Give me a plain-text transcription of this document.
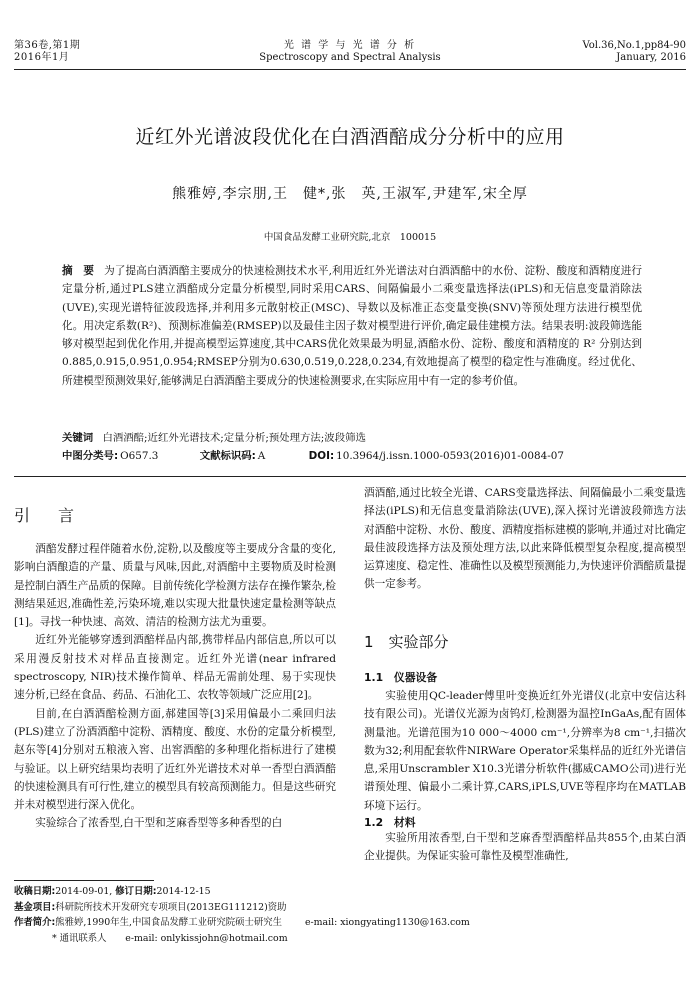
第36卷,第1期
2016年1月
光 谱 学 与 光 谱 分 析
Spectroscopy and Spectral Analysis
Vol.36,No.1,pp84-90
January, 2016
近红外光谱波段优化在白酒酒醅成分分析中的应用
熊雅婷,李宗朋,王　健*,张　英,王淑军,尹建军,宋全厚
中国食品发酵工业研究院,北京　100015
摘　要 为了提高白酒酒醅主要成分的快速检测技术水平,利用近红外光谱法对白酒酒醅中的水份、淀粉、酸度和酒精度进行定量分析,通过PLS建立酒醅成分定量分析模型,同时采用CARS、间隔偏最小二乘变量选择法(iPLS)和无信息变量消除法(UVE),实现光谱特征波段选择,并利用多元散射校正(MSC)、导数以及标准正态变量变换(SNV)等预处理方法进行模型优化。用决定系数(R²)、预测标准偏差(RMSEP)以及最佳主因子数对模型进行评价,确定最佳建模方法。结果表明:波段筛选能够对模型起到优化作用,并提高模型运算速度,其中CARS优化效果最为明显,酒醅水份、淀粉、酸度和酒精度的 R² 分别达到0.885,0.915,0.951,0.954;RMSEP分别为0.630,0.519,0.228,0.234,有效地提高了模型的稳定性与准确度。经过优化、所建模型预测效果好,能够满足白酒酒醅主要成分的快速检测要求,在实际应用中有一定的参考价值。
关键词 白酒酒醅;近红外光谱技术;定量分析;预处理方法;波段筛选
中图分类号: O657.3	文献标识码: A	DOI: 10.3964/j.issn.1000-0593(2016)01-0084-07
引　言

酒醅发酵过程伴随着水份,淀粉,以及酸度等主要成分含量的变化,影响白酒酿造的产量、质量与风味,因此,对酒醅中主要物质及时检测是控制白酒生产品质的保障。目前传统化学检测方法存在操作繁杂,检测结果延迟,准确性差,污染环境,难以实现大批量快速定量检测等缺点[1]。寻找一种快速、高效、清洁的检测方法尤为重要。

近红外光能够穿透到酒醅样品内部,携带样品内部信息,所以可以采用漫反射技术对样品直接测定。近红外光谱(near infrared spectroscopy, NIR)技术操作简单、样品无需前处理、易于实现快速分析,已经在食品、药品、石油化工、农牧等领域广泛应用[2]。

目前,在白酒酒醅检测方面,郝建国等[3]采用偏最小二乘回归法(PLS)建立了汾酒酒醅中淀粉、酒精度、酸度、水份的定量分析模型,赵东等[4]分别对五粮液入窖、出窖酒醅的多种理化指标进行了建模与验证。以上研究结果均表明了近红外光谱技术对单一香型白酒酒醅的快速检测具有可行性,建立的模型具有较高预测能力。但是这些研究并未对模型进行深入优化。

实验综合了浓香型,白干型和芝麻香型等多种香型的白

酒酒醅,通过比较全光谱、CARS变量选择法、间隔偏最小二乘变量选择法(iPLS)和无信息变量消除法(UVE),深入探讨光谱波段筛选方法对酒醅中淀粉、水份、酸度、酒精度指标建模的影响,并通过对比确定最佳波段选择方法及预处理方法,以此来降低模型复杂程度,提高模型运算速度、稳定性、准确性以及模型预测能力,为快速评价酒醅质量提供一定参考。

1　实验部分
1.1　仪器设备

实验使用QC-leader傅里叶变换近红外光谱仪(北京中安信达科技有限公司)。光谱仪光源为卤钨灯,检测器为温控InGaAs,配有固体测量池。光谱范围为10 000～4000 cm⁻¹,分辨率为8 cm⁻¹,扫描次数为32;利用配套软件NIRWare Operator采集样品的近红外光谱信息,采用Unscrambler X10.3光谱分析软件(挪威CAMO公司)进行光谱预处理、偏最小二乘计算,CARS,iPLS,UVE等程序均在MATLAB环境下运行。

1.2　材料

实验所用浓香型,白干型和芝麻香型酒醅样品共855个,由某白酒企业提供。为保证实验可靠性及模型准确性,

收稿日期:2014-09-01, 修订日期:2014-12-15
基金项目:科研院所技术开发研究专项项目(2013EG111212)资助
作者简介:熊雅婷,1990年生,中国食品发酵工业研究院硕士研究生 e-mail: xiongyating1130@163.com
* 通讯联系人　　e-mail: onlykissjohn@hotmail.com
